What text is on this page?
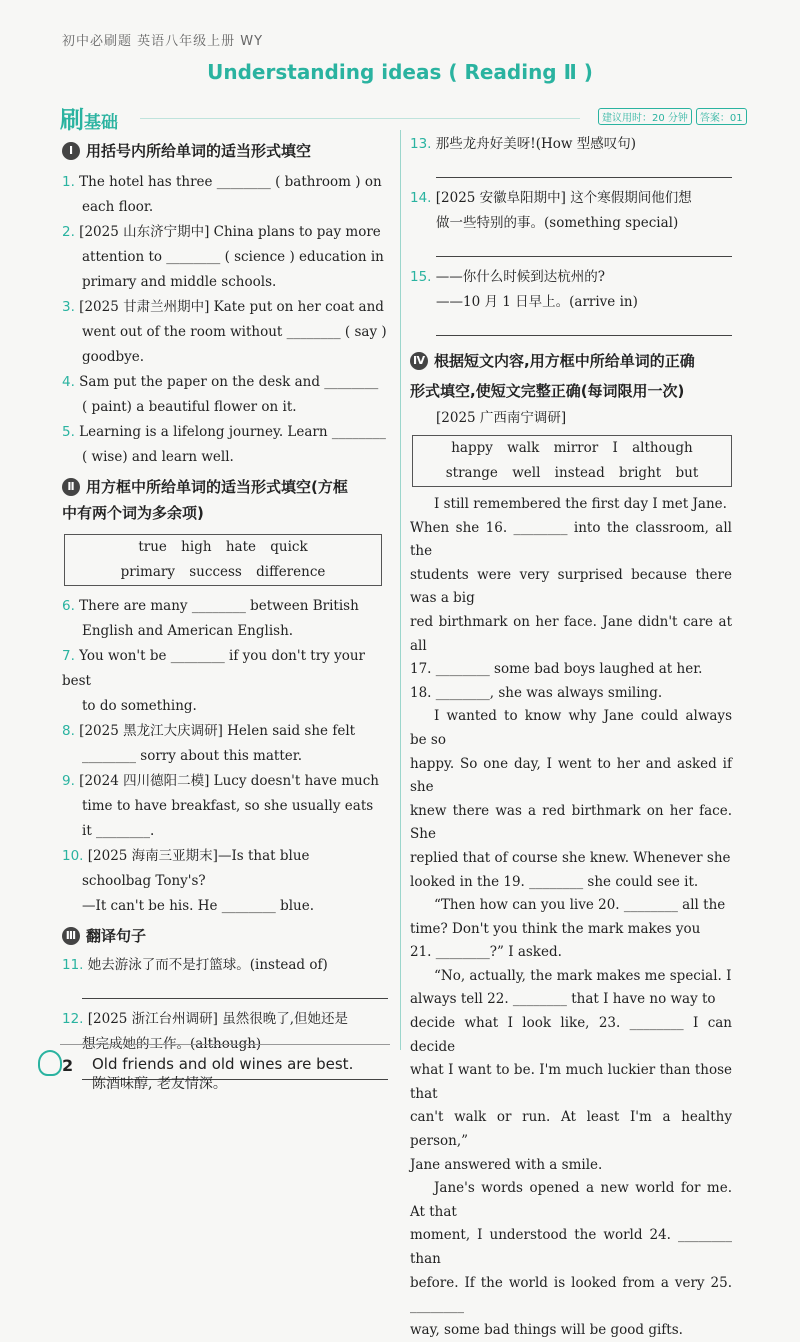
初中必刷题 英语八年级上册 WY
Understanding ideas ( Reading Ⅱ )
刷基础	建议用时：20 分钟 答案：01
Ⅰ 用括号内所给单词的适当形式填空
1. The hotel has three ________ ( bathroom ) on
each floor.
2. [2025 山东济宁期中] China plans to pay more
attention to ________ ( science ) education in
primary and middle schools.
3. [2025 甘肃兰州期中] Kate put on her coat and
went out of the room without ________ ( say )
goodbye.
4. Sam put the paper on the desk and ________
( paint) a beautiful flower on it.
5. Learning is a lifelong journey. Learn ________
( wise) and learn well.
Ⅱ 用方框中所给单词的适当形式填空(方框
中有两个词为多余项)
true high hate quick
primary success difference
6. There are many ________ between British
English and American English.
7. You won't be ________ if you don't try your best
to do something.
8. [2025 黑龙江大庆调研] Helen said she felt
________ sorry about this matter.
9. [2024 四川德阳二模] Lucy doesn't have much
time to have breakfast, so she usually eats
it ________.
10. [2025 海南三亚期末]—Is that blue
schoolbag Tony's?
—It can't be his. He ________ blue.
Ⅲ 翻译句子
11. 她去游泳了而不是打篮球。(instead of)
12. [2025 浙江台州调研] 虽然很晚了,但她还是
想完成她的工作。(although)
13. 那些龙舟好美呀!(How 型感叹句)
14. [2025 安徽阜阳期中] 这个寒假期间他们想
做一些特别的事。(something special)
15. ——你什么时候到达杭州的?
——10 月 1 日早上。(arrive in)
Ⅳ 根据短文内容,用方框中所给单词的正确
形式填空,使短文完整正确(每词限用一次)
[2025 广西南宁调研]
happy walk mirror I although
strange well instead bright but
I still remembered the first day I met Jane.
When she 16. ________ into the classroom, all the
students were very surprised because there was a big
red birthmark on her face. Jane didn't care at all
17. ________ some bad boys laughed at her.
18. ________, she was always smiling.
I wanted to know why Jane could always be so
happy. So one day, I went to her and asked if she
knew there was a red birthmark on her face. She
replied that of course she knew. Whenever she
looked in the 19. ________ she could see it.
“Then how can you live 20. ________ all the
time? Don't you think the mark makes you
21. ________?” I asked.
“No, actually, the mark makes me special. I
always tell 22. ________ that I have no way to
decide what I look like, 23. ________ I can decide
what I want to be. I'm much luckier than those that
can't walk or run. At least I'm a healthy person,”
Jane answered with a smile.
Jane's words opened a new world for me. At that
moment, I understood the world 24. ________ than
before. If the world is looked from a very 25. ________
way, some bad things will be good gifts.
2 Old friends and old wines are best.
陈酒味醇, 老友情深。
